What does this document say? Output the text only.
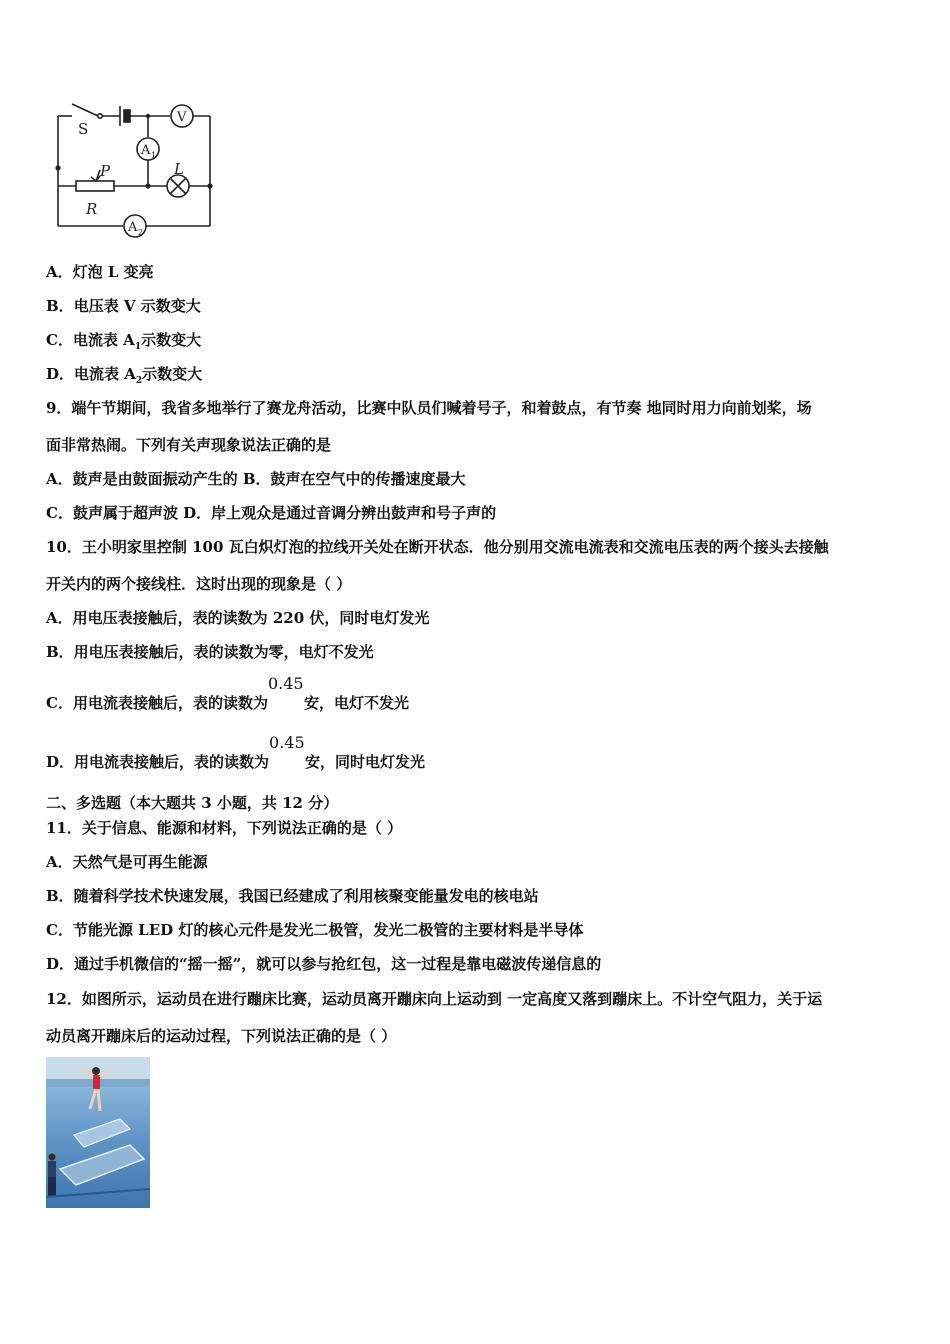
S
V
A 1
L
P
R
A 2
A．灯泡 L 变亮
B．电压表 V 示数变大
C．电流表 $A_1$示数变大
D．电流表 $A_2$示数变大
9．端午节期间，我省多地举行了赛龙舟活动，比赛中队员们喊着号子，和着鼓点，有节奏 地同时用力向前划桨，场
面非常热闹。下列有关声现象说法正确的是
A．鼓声是由鼓面振动产生的 B．鼓声在空气中的传播速度最大
C．鼓声属于超声波 D．岸上观众是通过音调分辨出鼓声和号子声的
10．王小明家里控制 100 瓦白炽灯泡的拉线开关处在断开状态．他分别用交流电流表和交流电压表的两个接头去接触
开关内的两个接线柱．这时出现的现象是（ ）
A．用电压表接触后，表的读数为 220 伏，同时电灯发光
B．用电压表接触后，表的读数为零，电灯不发光
C．用电流表接触后，表的读数为
0.45
安，电灯不发光
D．用电流表接触后，表的读数为
0.45
安，同时电灯发光
二、多选题（本大题共 3 小题，共 12 分）
11．关于信息、能源和材料，下列说法正确的是（ ）
A．天然气是可再生能源
B．随着科学技术快速发展，我国已经建成了利用核聚变能量发电的核电站
C．节能光源 LED 灯的核心元件是发光二极管，发光二极管的主要材料是半导体
D．通过手机微信的“摇一摇”，就可以参与抢红包，这一过程是靠电磁波传递信息的
12．如图所示，运动员在进行蹦床比赛，运动员离开蹦床向上运动到 一定高度又落到蹦床上。不计空气阻力，关于运
动员离开蹦床后的运动过程，下列说法正确的是（ ）
